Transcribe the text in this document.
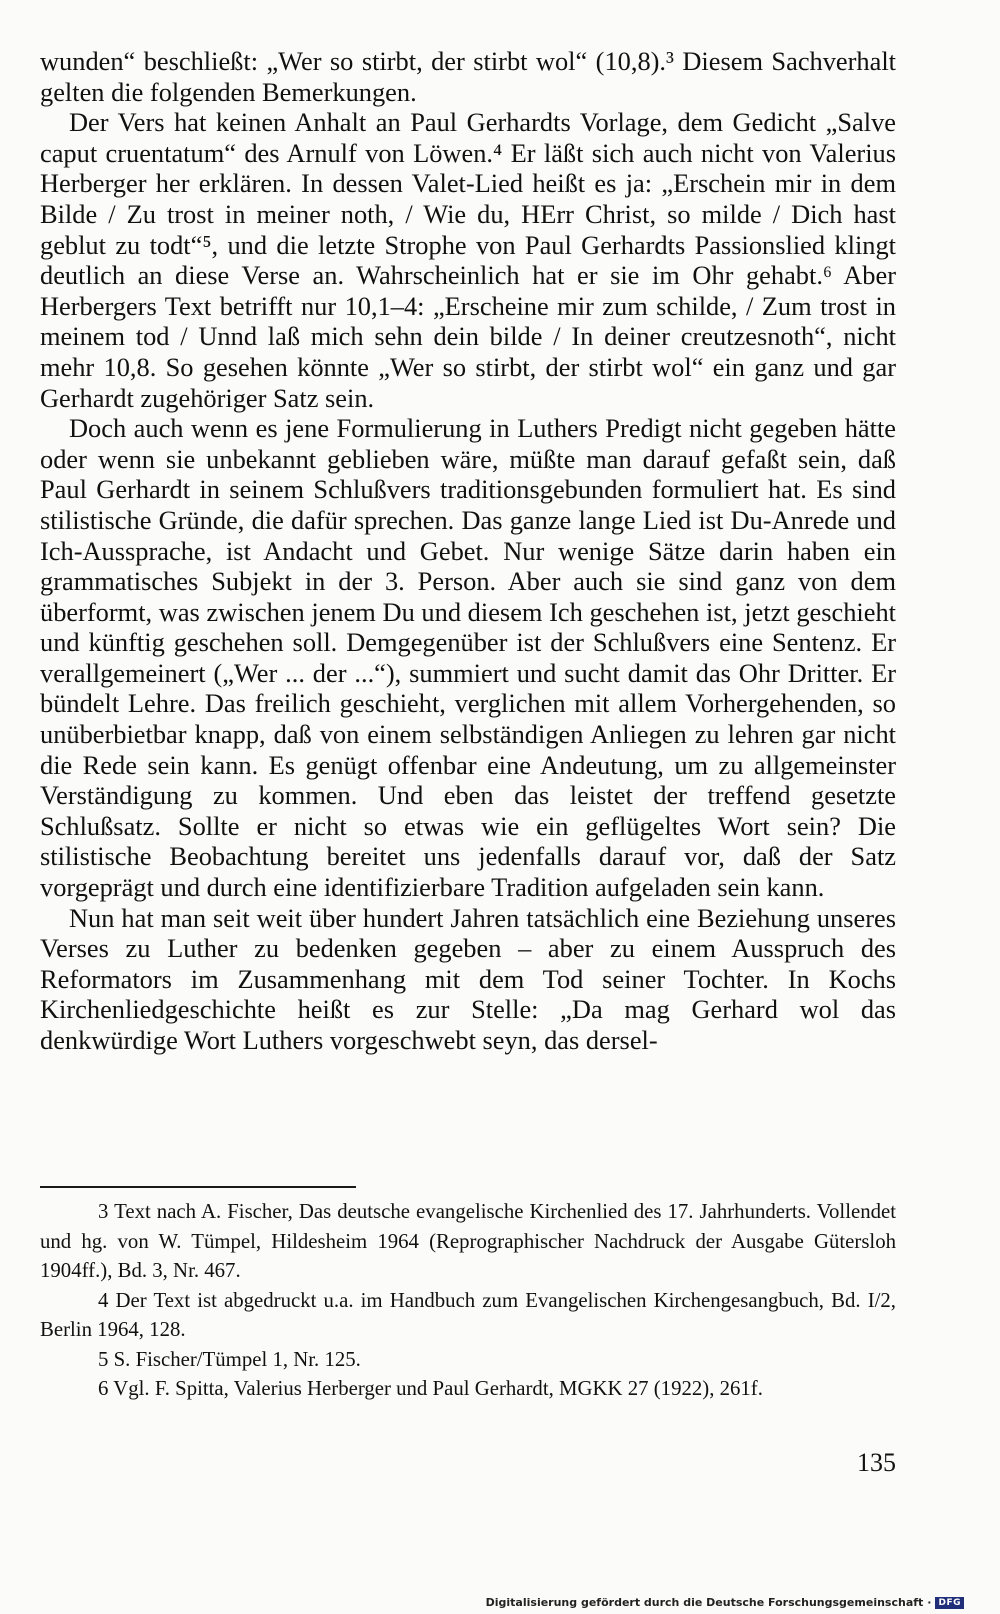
wunden“ beschließt: „Wer so stirbt, der stirbt wol“ (10,8).³ Diesem Sachverhalt gelten die folgenden Bemerkungen.

Der Vers hat keinen Anhalt an Paul Gerhardts Vorlage, dem Gedicht „Salve caput cruentatum“ des Arnulf von Löwen.⁴ Er läßt sich auch nicht von Valerius Herberger her erklären. In dessen Valet-Lied heißt es ja: „Erschein mir in dem Bilde / Zu trost in meiner noth, / Wie du, HErr Christ, so milde / Dich hast geblut zu todt“⁵, und die letzte Strophe von Paul Gerhardts Passionslied klingt deutlich an diese Verse an. Wahrscheinlich hat er sie im Ohr gehabt.⁶ Aber Herbergers Text betrifft nur 10,1–4: „Erscheine mir zum schilde, / Zum trost in meinem tod / Unnd laß mich sehn dein bilde / In deiner creutzesnoth“, nicht mehr 10,8. So gesehen könnte „Wer so stirbt, der stirbt wol“ ein ganz und gar Gerhardt zugehöriger Satz sein.

Doch auch wenn es jene Formulierung in Luthers Predigt nicht gegeben hätte oder wenn sie unbekannt geblieben wäre, müßte man darauf gefaßt sein, daß Paul Gerhardt in seinem Schlußvers traditionsgebunden formuliert hat. Es sind stilistische Gründe, die dafür sprechen. Das ganze lange Lied ist Du-Anrede und Ich-Aussprache, ist Andacht und Gebet. Nur wenige Sätze darin haben ein grammatisches Subjekt in der 3. Person. Aber auch sie sind ganz von dem überformt, was zwischen jenem Du und diesem Ich geschehen ist, jetzt geschieht und künftig geschehen soll. Demgegenüber ist der Schlußvers eine Sentenz. Er verallgemeinert („Wer ... der ...“), summiert und sucht damit das Ohr Dritter. Er bündelt Lehre. Das freilich geschieht, verglichen mit allem Vorhergehenden, so unüberbietbar knapp, daß von einem selbständigen Anliegen zu lehren gar nicht die Rede sein kann. Es genügt offenbar eine Andeutung, um zu allgemeinster Verständigung zu kommen. Und eben das leistet der treffend gesetzte Schlußsatz. Sollte er nicht so etwas wie ein geflügeltes Wort sein? Die stilistische Beobachtung bereitet uns jedenfalls darauf vor, daß der Satz vorgeprägt und durch eine identifizierbare Tradition aufgeladen sein kann.

Nun hat man seit weit über hundert Jahren tatsächlich eine Beziehung unseres Verses zu Luther zu bedenken gegeben – aber zu einem Ausspruch des Reformators im Zusammenhang mit dem Tod seiner Tochter. In Kochs Kirchenliedgeschichte heißt es zur Stelle: „Da mag Gerhard wol das denkwürdige Wort Luthers vorgeschwebt seyn, das dersel-

3 Text nach A. Fischer, Das deutsche evangelische Kirchenlied des 17. Jahrhunderts. Vollendet und hg. von W. Tümpel, Hildesheim 1964 (Reprographischer Nachdruck der Ausgabe Gütersloh 1904ff.), Bd. 3, Nr. 467.

4 Der Text ist abgedruckt u.a. im Handbuch zum Evangelischen Kirchengesangbuch, Bd. I/2, Berlin 1964, 128.

5 S. Fischer/Tümpel 1, Nr. 125.

6 Vgl. F. Spitta, Valerius Herberger und Paul Gerhardt, MGKK 27 (1922), 261f.

135
Digitalisierung gefördert durch die Deutsche Forschungsgemeinschaft · DFG
